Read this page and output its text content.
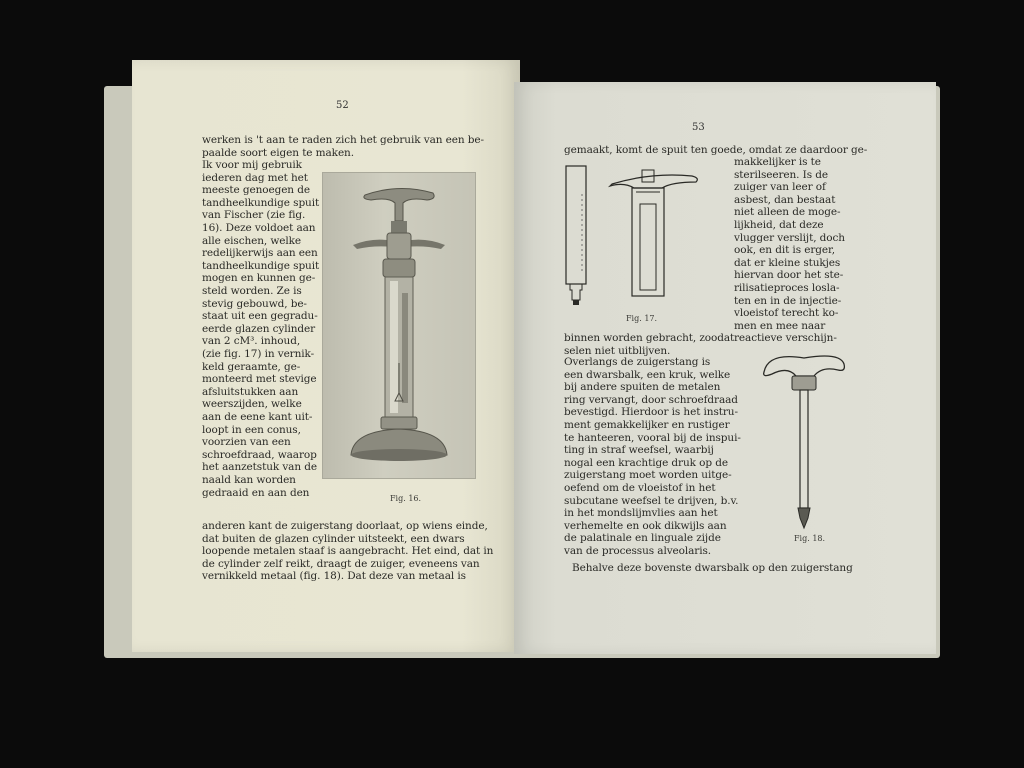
52
werken is 't aan te raden zich het gebruik van een be-
paalde soort eigen te maken.
Ik voor mij gebruik
iederen dag met het
meeste genoegen de
tandheelkundige spuit
van Fischer (zie fig.
16). Deze voldoet aan
alle eischen, welke
redelijkerwijs aan een
tandheelkundige spuit
mogen en kunnen ge-
steld worden. Ze is
stevig gebouwd, be-
staat uit een gegradu-
eerde glazen cylinder
van 2 cM³. inhoud,
(zie fig. 17) in vernik-
keld geraamte, ge-
monteerd met stevige
afsluitstukken aan
weerszijden, welke
aan de eene kant uit-
loopt in een conus,
voorzien van een
schroefdraad, waarop
het aanzetstuk van de
naald kan worden
gedraaid en aan den
anderen kant de zuigerstang doorlaat, op wiens einde,
dat buiten de glazen cylinder uitsteekt, een dwars
loopende metalen staaf is aangebracht. Het eind, dat in
de cylinder zelf reikt, draagt de zuiger, eveneens van
vernikkeld metaal (fig. 18). Dat deze van metaal is
Fig. 16.
53
gemaakt, komt de spuit ten goede, omdat ze daardoor ge-
makkelijker is te
sterilseeren. Is de
zuiger van leer of
asbest, dan bestaat
niet alleen de moge-
lijkheid, dat deze
vlugger verslijt, doch
ook, en dit is erger,
dat er kleine stukjes
hiervan door het ste-
rilisatieproces losla-
ten en in de injectie-
vloeistof terecht ko-
men en mee naar
reactieve verschijn-
binnen worden gebracht, zoodat
selen niet uitblijven.
Overlangs de zuigerstang is
een dwarsbalk, een kruk, welke
bij andere spuiten de metalen
ring vervangt, door schroefdraad
bevestigd. Hierdoor is het instru-
ment gemakkelijker en rustiger
te hanteeren, vooral bij de inspui-
ting in straf weefsel, waarbij
nogal een krachtige druk op de
zuigerstang moet worden uitge-
oefend om de vloeistof in het
subcutane weefsel te drijven, b.v.
in het mondslijmvlies aan het
verhemelte en ook dikwijls aan
de palatinale en linguale zijde
van de processus alveolaris.
Behalve deze bovenste dwarsbalk op den zuigerstang
Fig. 17.
Fig. 18.
